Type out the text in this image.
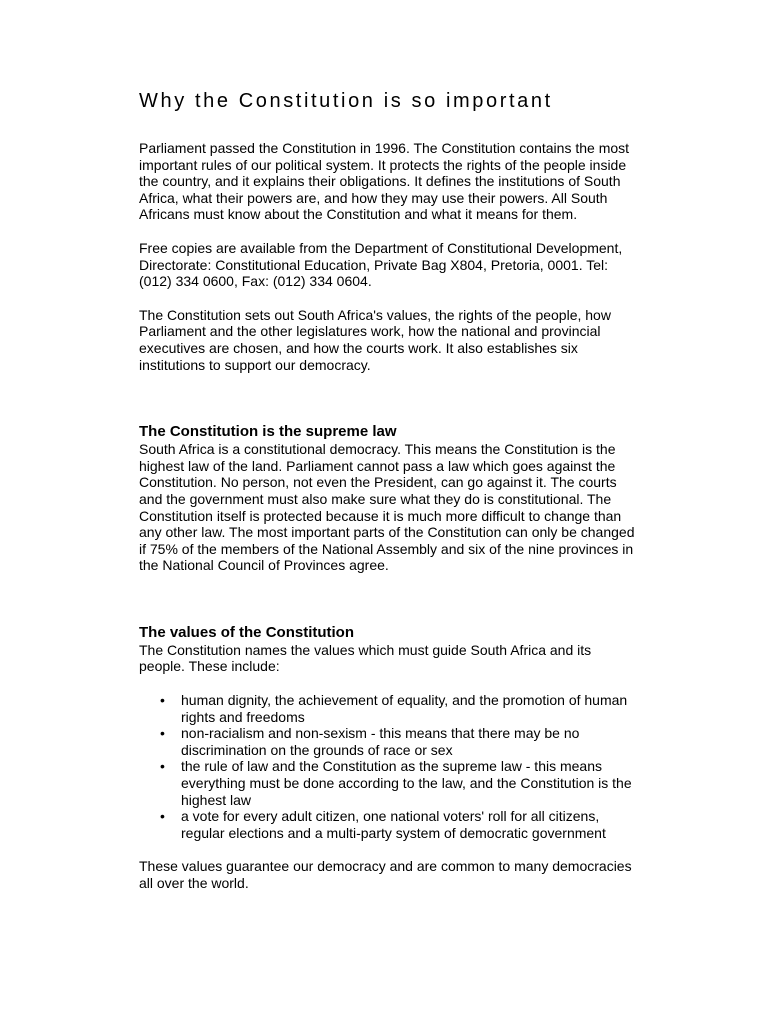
Why the Constitution is so important

Parliament passed the Constitution in 1996. The Constitution contains the most important rules of our political system. It protects the rights of the people inside the country, and it explains their obligations. It defines the institutions of South Africa, what their powers are, and how they may use their powers. All South Africans must know about the Constitution and what it means for them.

Free copies are available from the Department of Constitutional Development, Directorate: Constitutional Education, Private Bag X804, Pretoria, 0001. Tel: (012) 334 0600, Fax: (012) 334 0604.

The Constitution sets out South Africa's values, the rights of the people, how Parliament and the other legislatures work, how the national and provincial executives are chosen, and how the courts work. It also establishes six institutions to support our democracy.

The Constitution is the supreme law

South Africa is a constitutional democracy. This means the Constitution is the highest law of the land. Parliament cannot pass a law which goes against the Constitution. No person, not even the President, can go against it. The courts and the government must also make sure what they do is constitutional. The Constitution itself is protected because it is much more difficult to change than any other law. The most important parts of the Constitution can only be changed if 75% of the members of the National Assembly and six of the nine provinces in the National Council of Provinces agree.

The values of the Constitution

The Constitution names the values which must guide South Africa and its people. These include:

• human dignity, the achievement of equality, and the promotion of human rights and freedoms
• non-racialism and non-sexism - this means that there may be no discrimination on the grounds of race or sex
• the rule of law and the Constitution as the supreme law - this means everything must be done according to the law, and the Constitution is the highest law
• a vote for every adult citizen, one national voters' roll for all citizens, regular elections and a multi-party system of democratic government

These values guarantee our democracy and are common to many democracies all over the world.
